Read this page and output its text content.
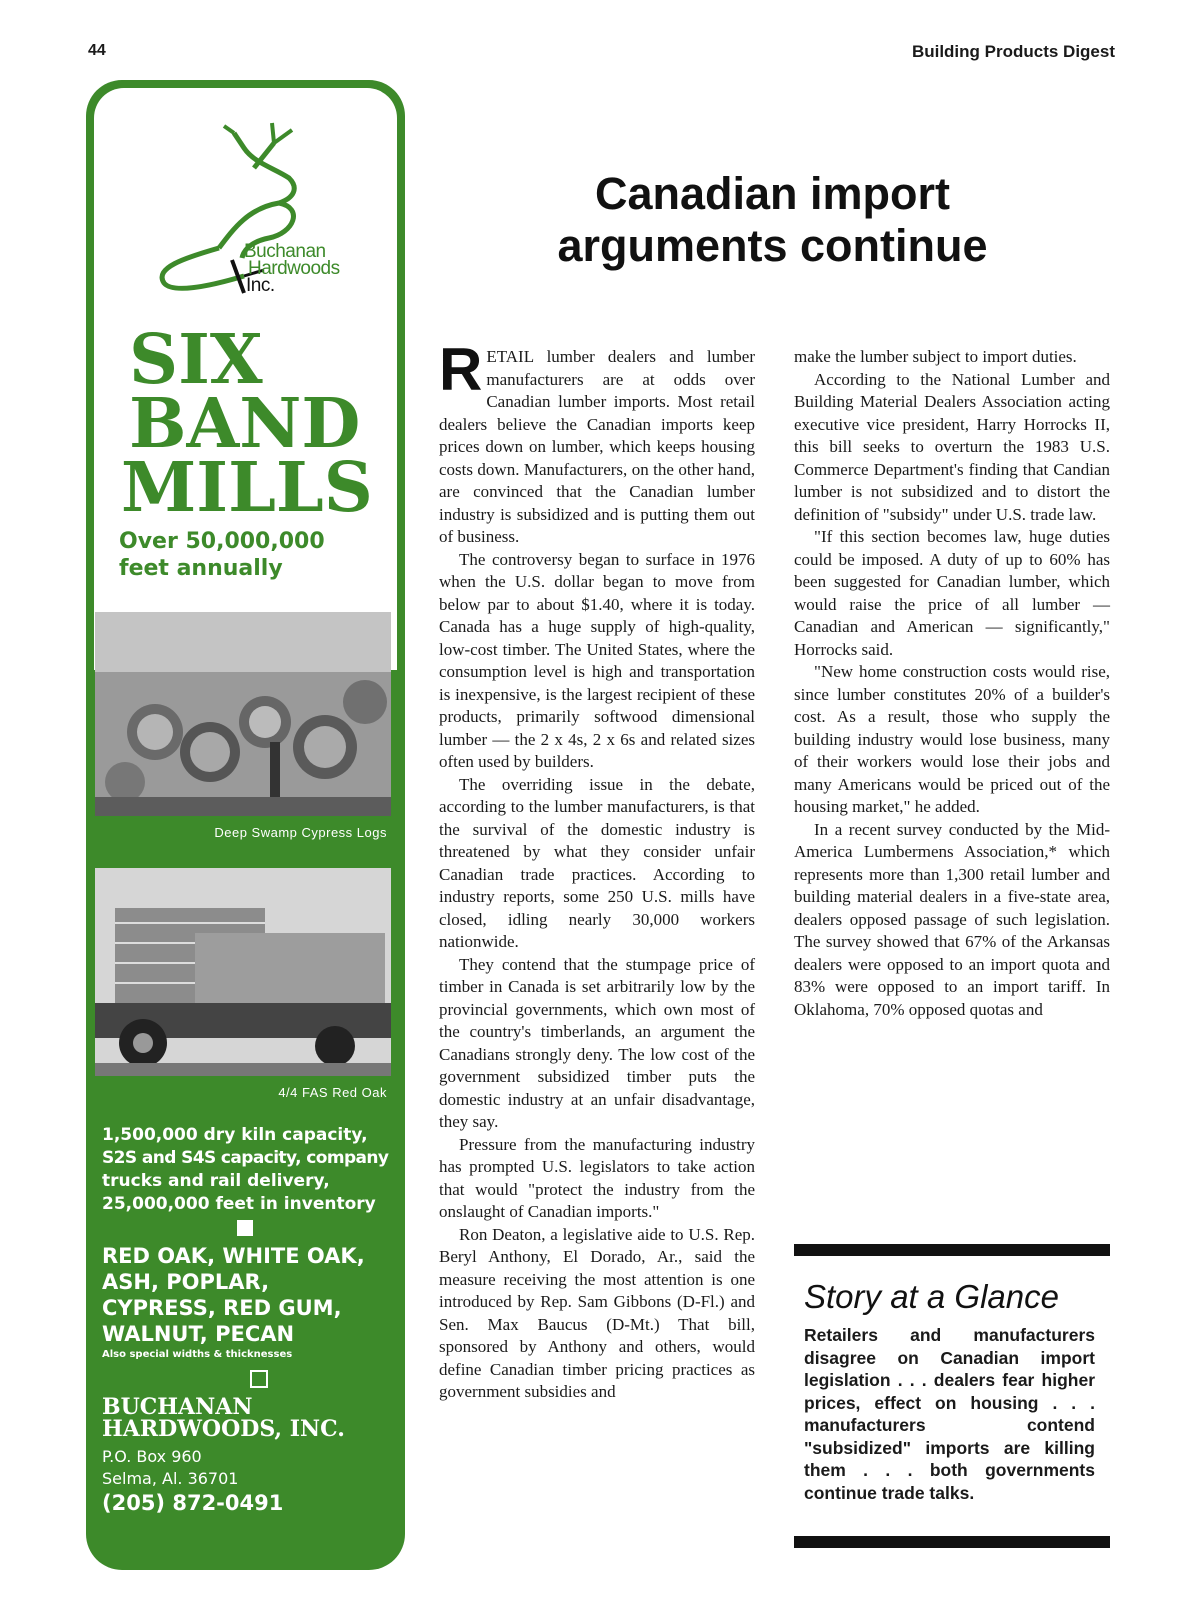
44	Building Products Digest
Buchanan
Hardwoods
Inc.
SIX
BAND
MILLS
Over 50,000,000
feet annually
Deep Swamp Cypress Logs
4/4 FAS Red Oak
1,500,000 dry kiln capacity,
S2S and S4S capacity, company
trucks and rail delivery,
25,000,000 feet in inventory
RED OAK, WHITE OAK,
ASH, POPLAR,
CYPRESS, RED GUM,
WALNUT, PECAN
Also special widths & thicknesses
BUCHANAN
HARDWOODS, INC.
P.O. Box 960
Selma, Al. 36701
(205) 872-0491
Canadian import
arguments continue

RETAIL lumber dealers and lumber manufacturers are at odds over Canadian lumber imports. Most retail dealers believe the Canadian imports keep prices down on lumber, which keeps housing costs down. Manufacturers, on the other hand, are convinced that the Canadian lumber industry is subsidized and is putting them out of business.

The controversy began to surface in 1976 when the U.S. dollar began to move from below par to about $1.40, where it is today. Canada has a huge supply of high-quality, low-cost timber. The United States, where the consumption level is high and transportation is inexpensive, is the largest recipient of these products, primarily softwood dimensional lumber — the 2 x 4s, 2 x 6s and related sizes often used by builders.

The overriding issue in the debate, according to the lumber manufacturers, is that the survival of the domestic industry is threatened by what they consider unfair Canadian trade practices. According to industry reports, some 250 U.S. mills have closed, idling nearly 30,000 workers nationwide.

They contend that the stumpage price of timber in Canada is set arbitrarily low by the provincial governments, which own most of the country's timberlands, an argument the Canadians strongly deny. The low cost of the government subsidized timber puts the domestic industry at an unfair disadvantage, they say.

Pressure from the manufacturing industry has prompted U.S. legislators to take action that would "protect the industry from the onslaught of Canadian imports."

Ron Deaton, a legislative aide to U.S. Rep. Beryl Anthony, El Dorado, Ar., said the measure receiving the most attention is one introduced by Rep. Sam Gibbons (D-Fl.) and Sen. Max Baucus (D-Mt.) That bill, sponsored by Anthony and others, would define Canadian timber pricing practices as government subsidies and

make the lumber subject to import duties.

According to the National Lumber and Building Material Dealers Association acting executive vice president, Harry Horrocks II, this bill seeks to overturn the 1983 U.S. Commerce Department's finding that Candian lumber is not subsidized and to distort the definition of "subsidy" under U.S. trade law.

"If this section becomes law, huge duties could be imposed. A duty of up to 60% has been suggested for Canadian lumber, which would raise the price of all lumber — Canadian and American — significantly," Horrocks said.

"New home construction costs would rise, since lumber constitutes 20% of a builder's cost. As a result, those who supply the building industry would lose business, many of their workers would lose their jobs and many Americans would be priced out of the housing market," he added.

In a recent survey conducted by the Mid-America Lumbermens Association,* which represents more than 1,300 retail lumber and building material dealers in a five-state area, dealers opposed passage of such legislation. The survey showed that 67% of the Arkansas dealers were opposed to an import quota and 83% were opposed to an import tariff. In Oklahoma, 70% opposed quotas and

Story at a Glance
Retailers and manufacturers disagree on Canadian import legislation . . . dealers fear higher prices, effect on housing . . . manufacturers contend "subsidized" imports are killing them . . . both governments continue trade talks.
